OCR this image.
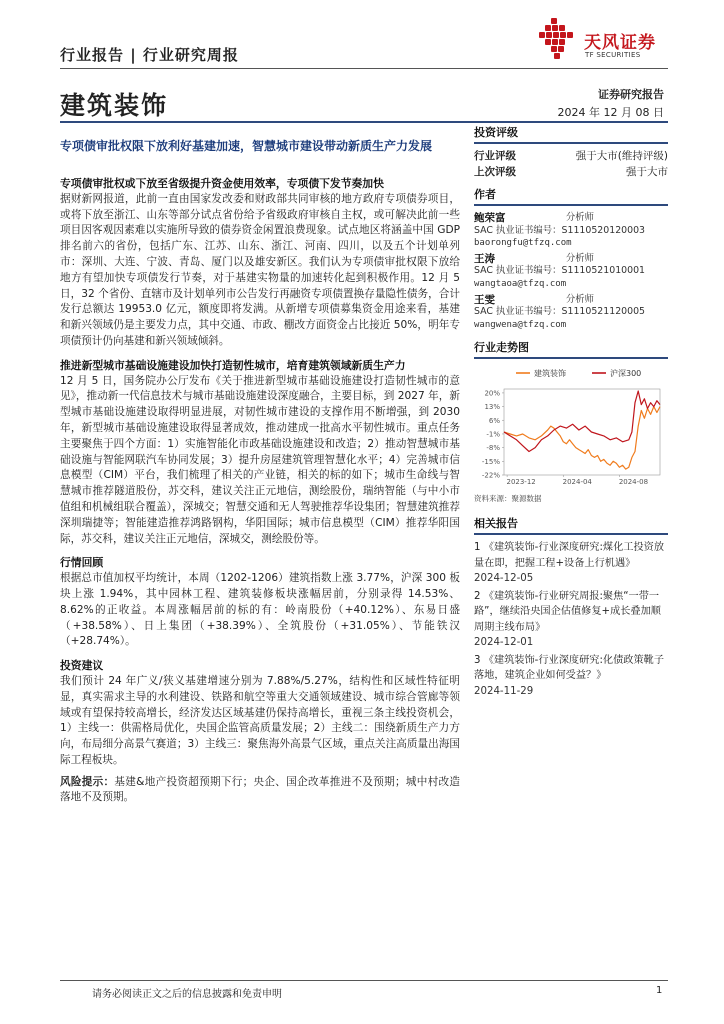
行业报告 | 行业研究周报
天风证券
TF SECURITIES
建筑装饰	证券研究报告
2024 年 12 月 08 日
专项债审批权限下放利好基建加速，智慧城市建设带动新质生产力发展
专项债审批权或下放至省级提升资金使用效率，专项债下发节奏加快

据财新网报道，此前一直由国家发改委和财政部共同审核的地方政府专项债券项目，或将下放至浙江、山东等部分试点省份给予省级政府审核自主权，或可解决此前一些项目因客观因素难以实施所导致的债券资金闲置浪费现象。试点地区将涵盖中国 GDP 排名前六的省份，包括广东、江苏、山东、浙江、河南、四川，以及五个计划单列市：深圳、大连、宁波、青岛、厦门以及雄安新区。我们认为专项债审批权限下放给地方有望加快专项债发行节奏，对于基建实物量的加速转化起到积极作用。12 月 5 日，32 个省份、直辖市及计划单列市公告发行再融资专项债置换存量隐性债务，合计发行总额达 19953.0 亿元，额度即将发满。从新增专项债募集资金用途来看，基建和新兴领域仍是主要发力点，其中交通、市政、棚改方面资金占比接近 50%，明年专项债预计仍向基建和新兴领域倾斜。

推进新型城市基础设施建设加快打造韧性城市，培育建筑领域新质生产力

12 月 5 日，国务院办公厅发布《关于推进新型城市基础设施建设打造韧性城市的意见》，推动新一代信息技术与城市基础设施建设深度融合，主要目标，到 2027 年，新型城市基础设施建设取得明显进展，对韧性城市建设的支撑作用不断增强，到 2030 年，新型城市基础设施建设取得显著成效，推动建成一批高水平韧性城市。重点任务主要聚焦于四个方面：1）实施智能化市政基础设施建设和改造；2）推动智慧城市基础设施与智能网联汽车协同发展；3）提升房屋建筑管理智慧化水平；4）完善城市信息模型（CIM）平台，我们梳理了相关的产业链，相关的标的如下；城市生命线与智慧城市推荐隧道股份，苏交科，建议关注正元地信，测绘股份，瑞纳智能（与中小市值组和机械组联合覆盖），深城交；智慧交通和无人驾驶推荐华设集团；智慧建筑推荐深圳瑞捷等；智能建造推荐鸿路钢构，华阳国际；城市信息模型（CIM）推荐华阳国际，苏交科，建议关注正元地信，深城交，测绘股份等。

行情回顾

根据总市值加权平均统计，本周（1202-1206）建筑指数上涨 3.77%，沪深 300 板块上涨 1.94%，其中园林工程、建筑装修板块涨幅居前，分别录得 14.53%、8.62%的正收益。本周涨幅居前的标的有：岭南股份（+40.12%）、东易日盛（+38.58%）、日上集团（+38.39%）、全筑股份（+31.05%）、节能铁汉（+28.74%）。

投资建议

我们预计 24 年广义/狭义基建增速分别为 7.88%/5.27%，结构性和区域性特征明显，真实需求主导的水利建设、铁路和航空等重大交通领域建设、城市综合管廊等领域或有望保持较高增长，经济发达区域基建仍保持高增长，重视三条主线投资机会，1）主线一：供需格局优化，央国企监管高质量发展；2）主线二：围绕新质生产力方向，布局细分高景气赛道；3）主线三：聚焦海外高景气区域，重点关注高质量出海国际工程板块。

风险提示：基建&地产投资超预期下行；央企、国企改革推进不及预期；城中村改造落地不及预期。

投资评级
行业评级	强于大市(维持评级)
上次评级	强于大市
作者
鲍荣富	分析师
SAC 执业证书编号：S1110520120003
baorongfu@tfzq.com
王涛	分析师
SAC 执业证书编号：S1110521010001
wangtaoa@tfzq.com
王雯	分析师
SAC 执业证书编号：S1110521120005
wangwena@tfzq.com
行业走势图
建筑装饰	沪深300
20%
13%
6%
-1%
-8%
-15%
-22%
2023-12	2024-04	2024-08
资料来源：聚源数据
相关报告
1 《建筑装饰-行业深度研究:煤化工投资放量在即，把握工程+设备上行机遇》
2024-12-05
2 《建筑装饰-行业研究周报:聚焦“一带一路”，继续沿央国企估值修复+成长叠加顺周期主线布局》
2024-12-01
3 《建筑装饰-行业深度研究:化债政策靴子落地，建筑企业如何受益？》
2024-11-29
请务必阅读正文之后的信息披露和免责申明	1
